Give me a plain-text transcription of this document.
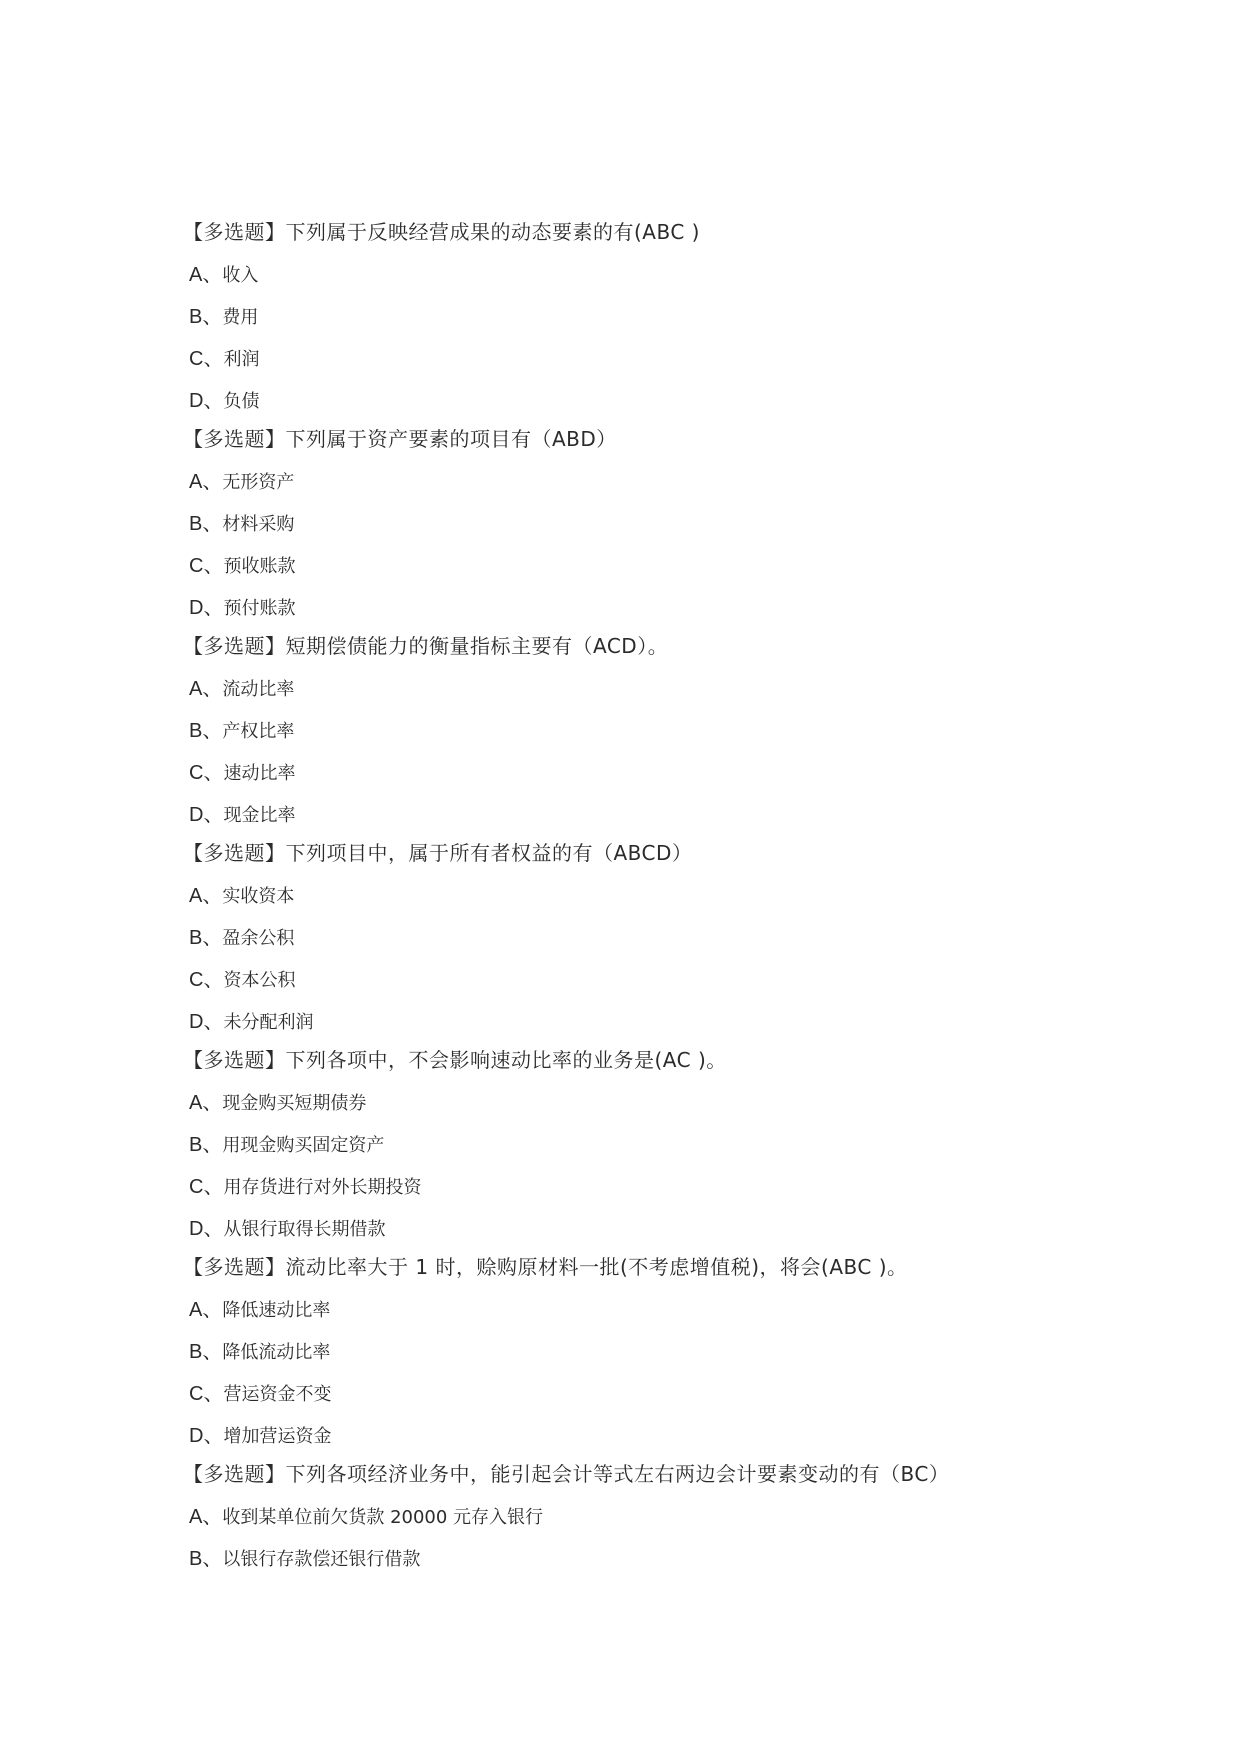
【多选题】下列属于反映经营成果的动态要素的有(ABC )
A、收入
B、费用
C、利润
D、负债
【多选题】下列属于资产要素的项目有（ABD）
A、无形资产
B、材料采购
C、预收账款
D、预付账款
【多选题】短期偿债能力的衡量指标主要有（ACD）。
A、流动比率
B、产权比率
C、速动比率
D、现金比率
【多选题】下列项目中，属于所有者权益的有（ABCD）
A、实收资本
B、盈余公积
C、资本公积
D、未分配利润
【多选题】下列各项中，不会影响速动比率的业务是(AC )。
A、现金购买短期债券
B、用现金购买固定资产
C、用存货进行对外长期投资
D、从银行取得长期借款
【多选题】流动比率大于 1 时，赊购原材料一批(不考虑增值税)，将会(ABC )。
A、降低速动比率
B、降低流动比率
C、营运资金不变
D、增加营运资金
【多选题】下列各项经济业务中，能引起会计等式左右两边会计要素变动的有（BC）
A、收到某单位前欠货款 20000 元存入银行
B、以银行存款偿还银行借款
